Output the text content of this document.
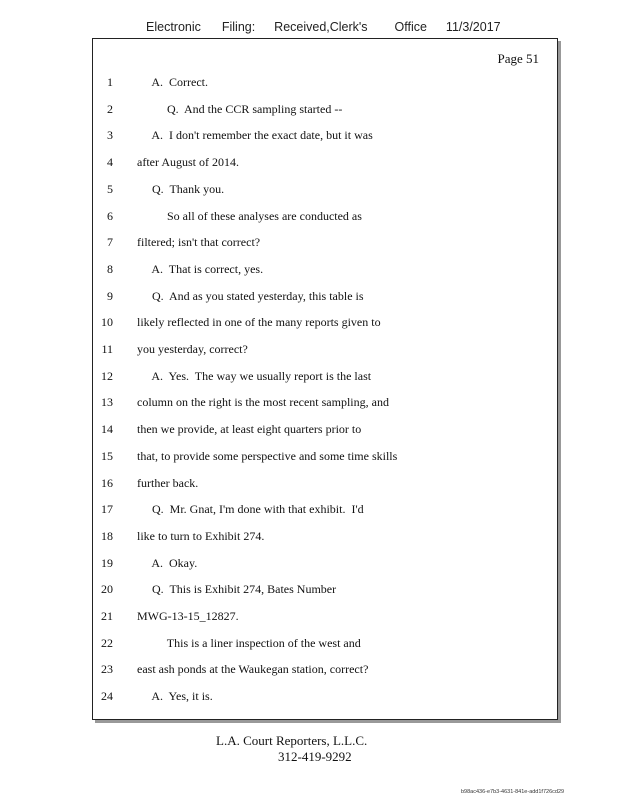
Electronic Filing: Received,Clerk's Office 11/3/2017
Page 51
1 A.  Correct.
2 Q.  And the CCR sampling started --
3 A.  I don't remember the exact date, but it was
4 after August of 2014.
5 Q.  Thank you.
6 So all of these analyses are conducted as
7 filtered; isn't that correct?
8 A.  That is correct, yes.
9 Q.  And as you stated yesterday, this table is
10 likely reflected in one of the many reports given to
11 you yesterday, correct?
12 A.  Yes.  The way we usually report is the last
13 column on the right is the most recent sampling, and
14 then we provide, at least eight quarters prior to
15 that, to provide some perspective and some time skills
16 further back.
17 Q.  Mr. Gnat, I'm done with that exhibit.  I'd
18 like to turn to Exhibit 274.
19 A.  Okay.
20 Q.  This is Exhibit 274, Bates Number
21 MWG-13-15_12827.
22 This is a liner inspection of the west and
23 east ash ponds at the Waukegan station, correct?
24 A.  Yes, it is.
L.A. Court Reporters, L.L.C.
312-419-9292
b98ac436-e7b3-4631-841e-add1f726cd29
